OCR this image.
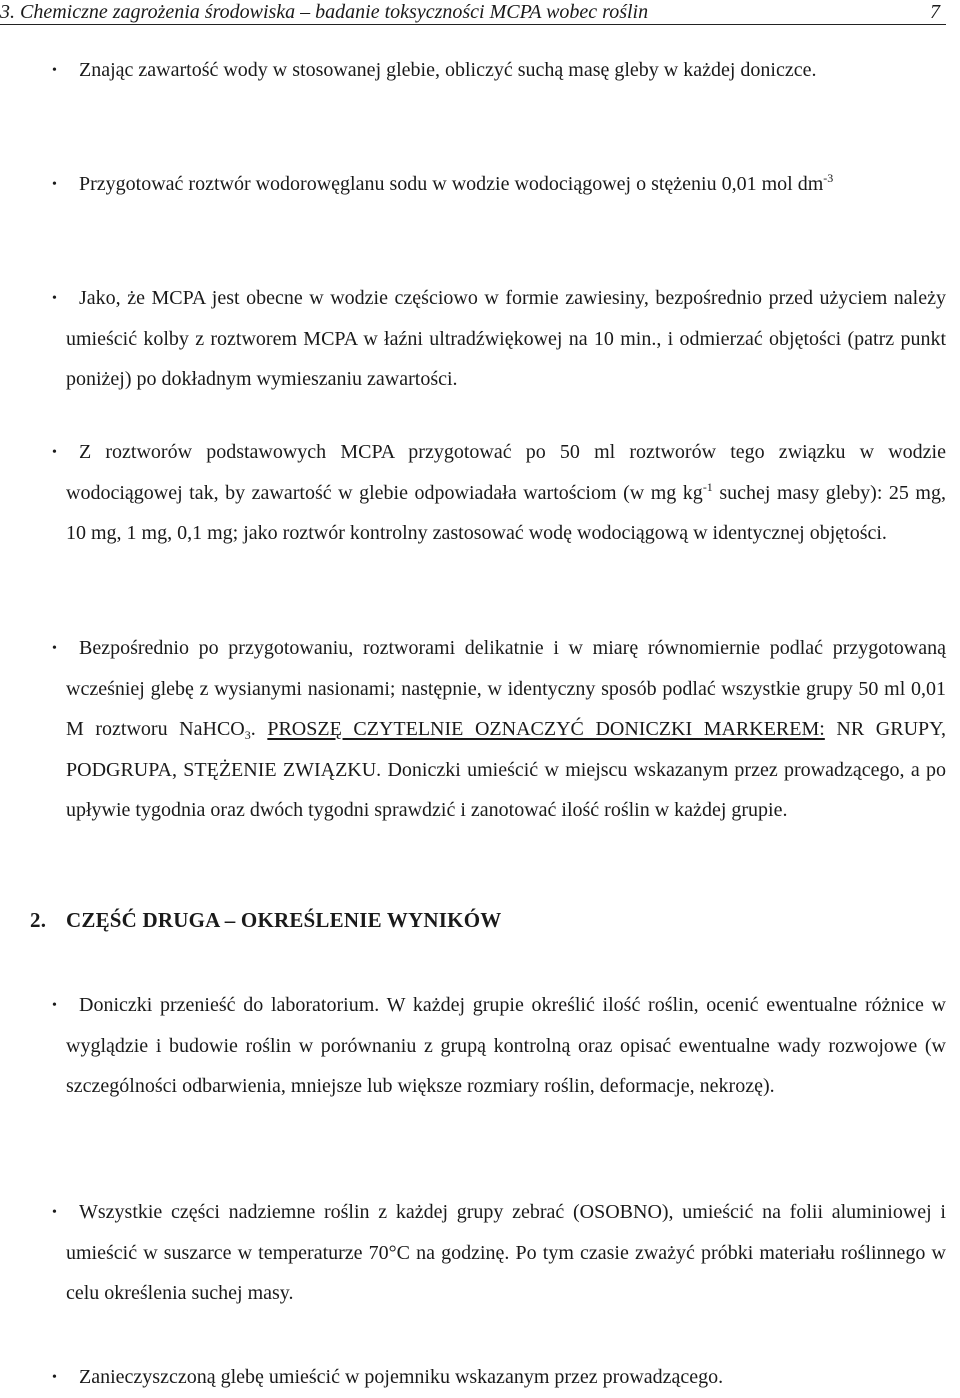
3. Chemiczne zagrożenia środowiska – badanie toksyczności MCPA wobec roślin	7
•	Znając zawartość wody w stosowanej glebie, obliczyć suchą masę gleby w każdej doniczce.
•	Przygotować roztwór wodorowęglanu sodu w wodzie wodociągowej o stężeniu 0,01 mol $dm^{-3}$
•	Jako, że MCPA jest obecne w wodzie częściowo w formie zawiesiny, bezpośrednio przed użyciem należy umieścić kolby z roztworem MCPA w łaźni ultradźwiękowej na 10 min., i odmierzać objętości (patrz punkt poniżej) po dokładnym wymieszaniu zawartości.
•	Z roztworów podstawowych MCPA przygotować po 50 ml roztworów tego związku w wodzie wodociągowej tak, by zawartość w glebie odpowiadała wartościom (w mg $kg^{-1}$ suchej masy gleby): 25 mg, 10 mg, 1 mg, 0,1 mg; jako roztwór kontrolny zastosować wodę wodociągową w identycznej objętości.
•	Bezpośrednio po przygotowaniu, roztworami delikatnie i w miarę równomiernie podlać przygotowaną wcześniej glebę z wysianymi nasionami; następnie, w identyczny sposób podlać wszystkie grupy 50 ml 0,01 M roztworu NaHCO$_3$. PROSZĘ CZYTELNIE OZNACZYĆ DONICZKI MARKEREM: NR GRUPY, PODGRUPA, STĘŻENIE ZWIĄZKU. Doniczki umieścić w miejscu wskazanym przez prowadzącego, a po upływie tygodnia oraz dwóch tygodni sprawdzić i zanotować ilość roślin w każdej grupie.
2. CZĘŚĆ DRUGA – OKREŚLENIE WYNIKÓW
•	Doniczki przenieść do laboratorium. W każdej grupie określić ilość roślin, ocenić ewentualne różnice w wyglądzie i budowie roślin w porównaniu z grupą kontrolną oraz opisać ewentualne wady rozwojowe (w szczególności odbarwienia, mniejsze lub większe rozmiary roślin, deformacje, nekrozę).
•	Wszystkie części nadziemne roślin z każdej grupy zebrać (OSOBNO), umieścić na folii aluminiowej i umieścić w suszarce w temperaturze 70°C na godzinę. Po tym czasie zważyć próbki materiału roślinnego w celu określenia suchej masy.
•	Zanieczyszczoną glebę umieścić w pojemniku wskazanym przez prowadzącego.
